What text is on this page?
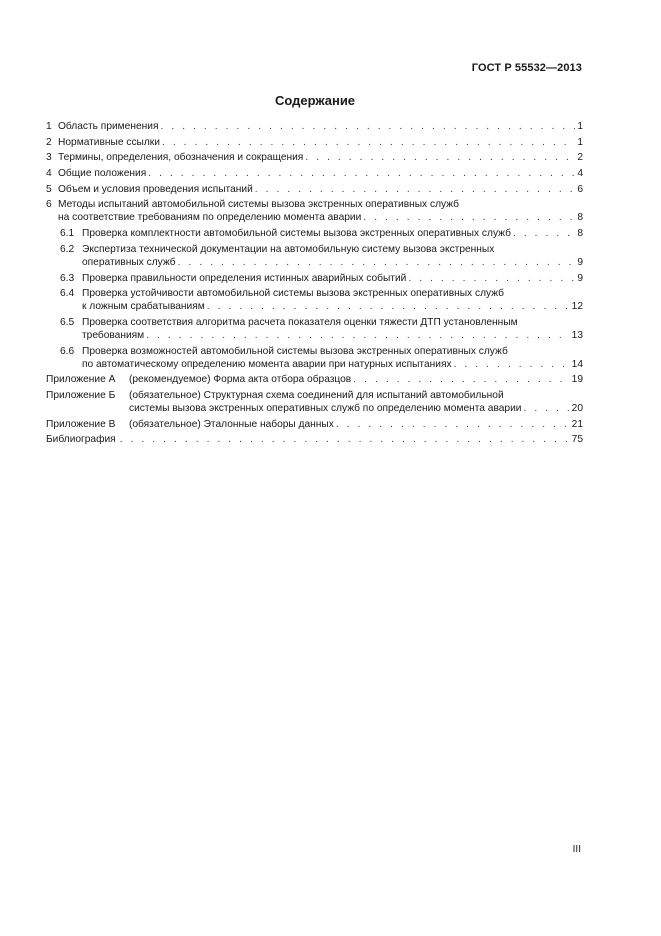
ГОСТ Р 55532—2013
Содержание
1 Область применения . . .	1
2 Нормативные ссылки . . .	1
3 Термины, определения, обозначения и сокращения . . .	2
4 Общие положения . . .	4
5 Объем и условия проведения испытаний . . .	6
6 Методы испытаний автомобильной системы вызова экстренных оперативных служб
на соответствие требованиям по определению момента аварии . . .	8
6.1 Проверка комплектности автомобильной системы вызова экстренных оперативных служб . . .	8
6.2 Экспертиза технической документации на автомобильную систему вызова экстренных
оперативных служб . . .	9
6.3 Проверка правильности определения истинных аварийных событий . . .	9
6.4 Проверка устойчивости автомобильной системы вызова экстренных оперативных служб
к ложным срабатываниям . . .	12
6.5 Проверка соответствия алгоритма расчета показателя оценки тяжести ДТП установленным
требованиям . . .	13
6.6 Проверка возможностей автомобильной системы вызова экстренных оперативных служб
по автоматическому определению момента аварии при натурных испытаниях . . .	14
Приложение А	(рекомендуемое) Форма акта отбора образцов . . .	19
Приложение Б	(обязательное) Структурная схема соединений для испытаний автомобильной
системы вызова экстренных оперативных служб по определению момента аварии . . .	20
Приложение В	(обязательное) Эталонные наборы данных . . .	21
Библиография . . .	75
III
